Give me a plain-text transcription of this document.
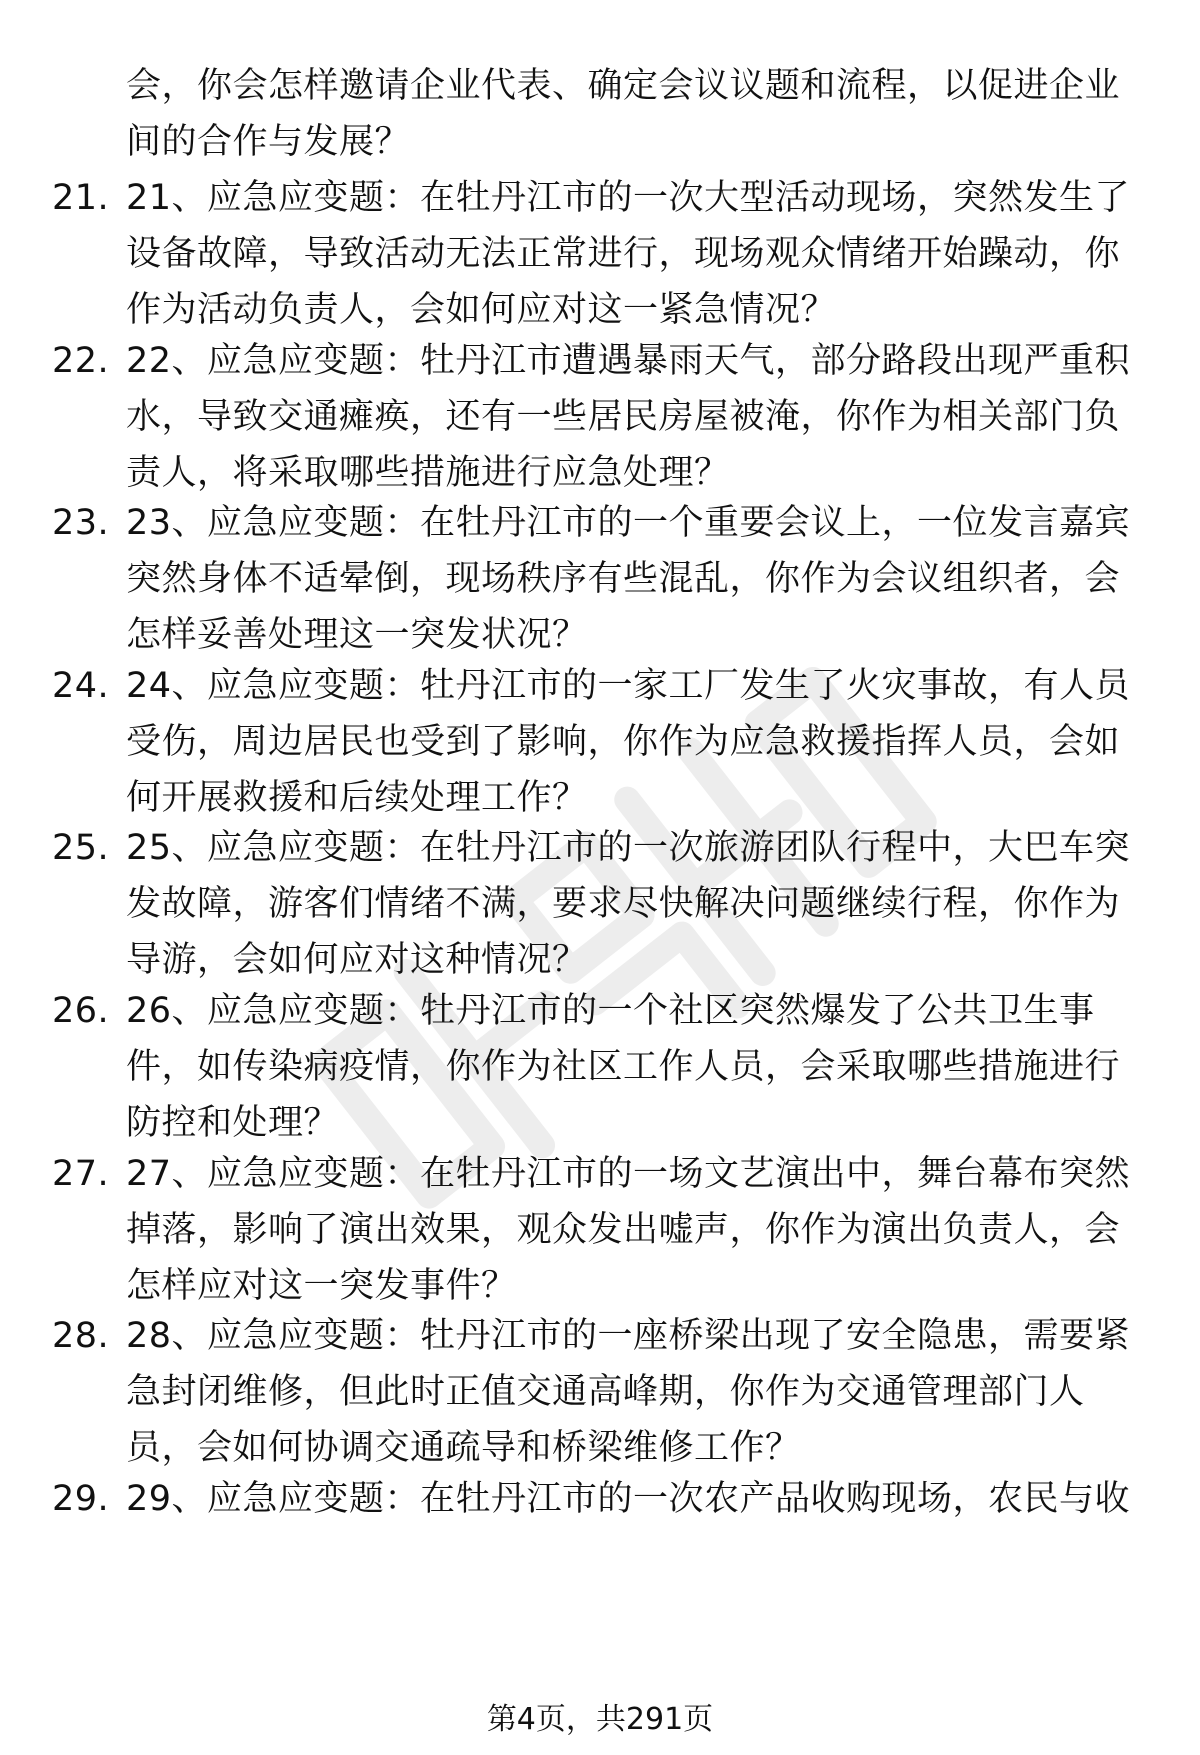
会，你会怎样邀请企业代表、确定会议议题和流程，以促进企业间的合作与发展？
21. 21、应急应变题：在牡丹江市的一次大型活动现场，突然发生了设备故障，导致活动无法正常进行，现场观众情绪开始躁动，你作为活动负责人，会如何应对这一紧急情况？
22. 22、应急应变题：牡丹江市遭遇暴雨天气，部分路段出现严重积水，导致交通瘫痪，还有一些居民房屋被淹，你作为相关部门负责人，将采取哪些措施进行应急处理？
23. 23、应急应变题：在牡丹江市的一个重要会议上，一位发言嘉宾突然身体不适晕倒，现场秩序有些混乱，你作为会议组织者，会怎样妥善处理这一突发状况？
24. 24、应急应变题：牡丹江市的一家工厂发生了火灾事故，有人员受伤，周边居民也受到了影响，你作为应急救援指挥人员，会如何开展救援和后续处理工作？
25. 25、应急应变题：在牡丹江市的一次旅游团队行程中，大巴车突发故障，游客们情绪不满，要求尽快解决问题继续行程，你作为导游，会如何应对这种情况？
26. 26、应急应变题：牡丹江市的一个社区突然爆发了公共卫生事件，如传染病疫情，你作为社区工作人员，会采取哪些措施进行防控和处理？
27. 27、应急应变题：在牡丹江市的一场文艺演出中，舞台幕布突然掉落，影响了演出效果，观众发出嘘声，你作为演出负责人，会怎样应对这一突发事件？
28. 28、应急应变题：牡丹江市的一座桥梁出现了安全隐患，需要紧急封闭维修，但此时正值交通高峰期，你作为交通管理部门人员，会如何协调交通疏导和桥梁维修工作？
29. 29、应急应变题：在牡丹江市的一次农产品收购现场，农民与收
第4页，共291页
